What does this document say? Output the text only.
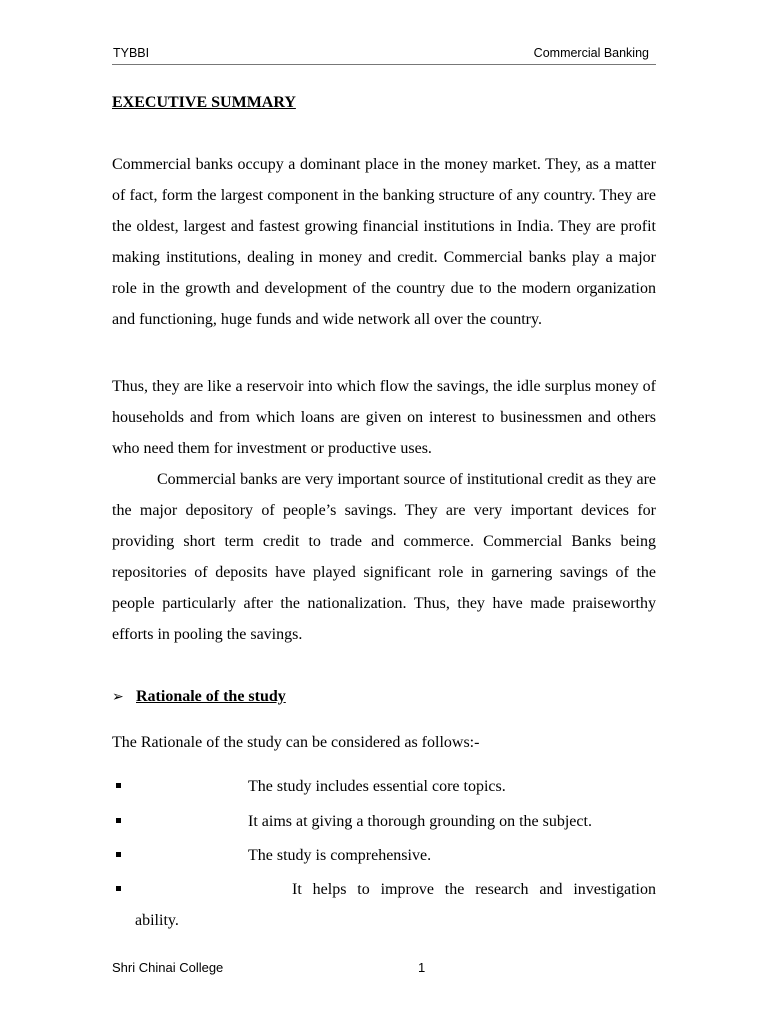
TYBBI	Commercial Banking
EXECUTIVE SUMMARY

Commercial banks occupy a dominant place in the money market. They, as a matter of fact, form the largest component in the banking structure of any country. They are the oldest, largest and fastest growing financial institutions in India. They are profit making institutions, dealing in money and credit. Commercial banks play a major role in the growth and development of the country due to the modern organization and functioning, huge funds and wide network all over the country.

Thus, they are like a reservoir into which flow the savings, the idle surplus money of households and from which loans are given on interest to businessmen and others who need them for investment or productive uses.

Commercial banks are very important source of institutional credit as they are the major depository of people’s savings. They are very important devices for providing short term credit to trade and commerce. Commercial Banks being repositories of deposits have played significant role in garnering savings of the people particularly after the nationalization. Thus, they have made praiseworthy efforts in pooling the savings.

➢ Rationale of the study
The Rationale of the study can be considered as follows:-
The study includes essential core topics.
It aims at giving a thorough grounding on the subject.
The study is comprehensive.
It helps to improve the research and investigation
ability.
Shri Chinai College	1
